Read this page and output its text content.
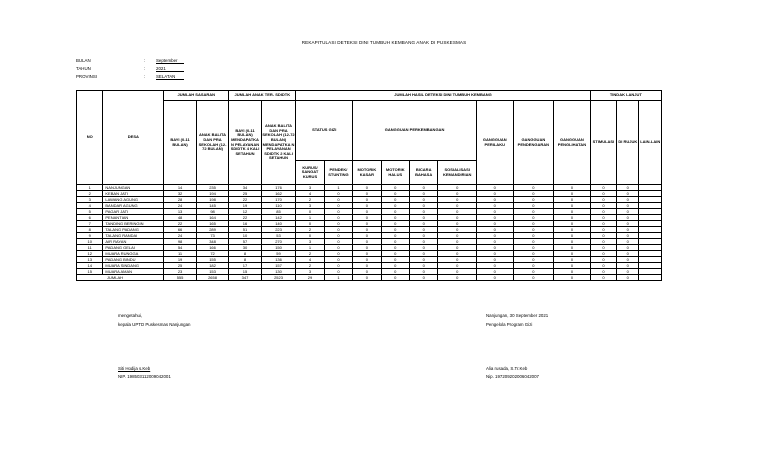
REKAPITULASI DETEKSI DINI TUMBUH KEMBANG ANAK DI PUSKESMAS
BULAN	: September
TAHUN	: 2021
PROVINSI	: SELATAN
NO	DESA	JUMLAH SASARAN		JUMLAH ANAK TER- SDIDTK		JUMLAH HASIL DETEKSI DINI TUMBUH KEMBANG									TINDAK LANJUT		
		BAYI (0-11 BULAN)	ANAK BALITA DAN PRA SEKOLAH (12-72 BULAN)	BAYI (0-11 BULAN) MENDAPATKA N PELAYANAN SDIDTK 4 KALI SETAHUN	ANAK BALITA DAN PRA SEKOLAH (12-72 BULAN) MENDAPATKA N PELAYANAN SDIDTK 2 KALI SETAHUN	STATUS GIZI		GANGGUAN PERKEMBANGAN				GANGGUAN PERILAKU	GANGGUAN PENDENGARAN	GANGGUAN PENGLIHATAN	STIMULASI	DI RUJUK	LAIN-LAIN
						KURUS/ SANGAT KURUS	PENDEK/ STUNTING	MOTORIK KASAR	MOTORIK HALUS	BICARA BAHASA	SOSIALISASI KEMANDIRIAN						
1	NANJUNGAN	14	235	34	176	3	1	0	0	0	0	0	0	0	0	0	
2	KEBAN JATI	32	194	25	162	4	0	0	0	0	0	0	0	0	0	0	
3	LAWANG AGUNG	28	198	22	170	2	0	0	0	0	0	0	0	0	0	0	
4	BANDAR AGUNG	24	145	19	110	3	0	0	0	0	0	0	0	0	0	0	
5	PAGAR JATI	13	98	12	85	0	0	0	0	0	0	0	0	0	0	0	
6	PENANTIAN	48	164	22	142	1	0	0	0	0	0	0	0	0	0	0	
7	TANDING BERINGIN	22	165	16	140	0	0	0	0	0	0	0	0	0	0	0	
8	TALANG PADANG	66	289	51	223	2	0	0	0	0	0	0	0	0	0	0	
9	TALANG RANDAI	24	73	10	53	0	0	0	0	0	0	0	0	0	0	0	
10	AIR RAYAN	98	348	57	270	3	0	0	0	0	0	0	0	0	0	0	
11	PADANG GELAI	54	166	30	150	1	0	0	0	0	0	0	0	0	0	0	
12	MUARA RUNGGA	11	72	8	59	2	0	0	0	0	0	0	0	0	0	0	
13	PADANG BINDU	19	155	8	136	4	0	0	0	0	0	0	0	0	0	0	
14	MUARA SINDANG	25	182	17	157	2	0	0	0	0	0	0	0	0	0	0	
15	MUARA AMAN	23	153	15	130	3	0	0	0	0	0	0	0	0	0	0	
JUMLAH		555	2658	347	2523	29	1	0	0	0	0	0	0	0	0	0	
mengetahui,
kepala UPTD Puskesmas Nanjungan
Siti Hodija s.Keb
NIP. 198503112009042001
Nanjungan, 30 September 2021
Pengelola Program Gizi
Alia rusada, S.Tr.Keb
Nip. 197209202006042007
